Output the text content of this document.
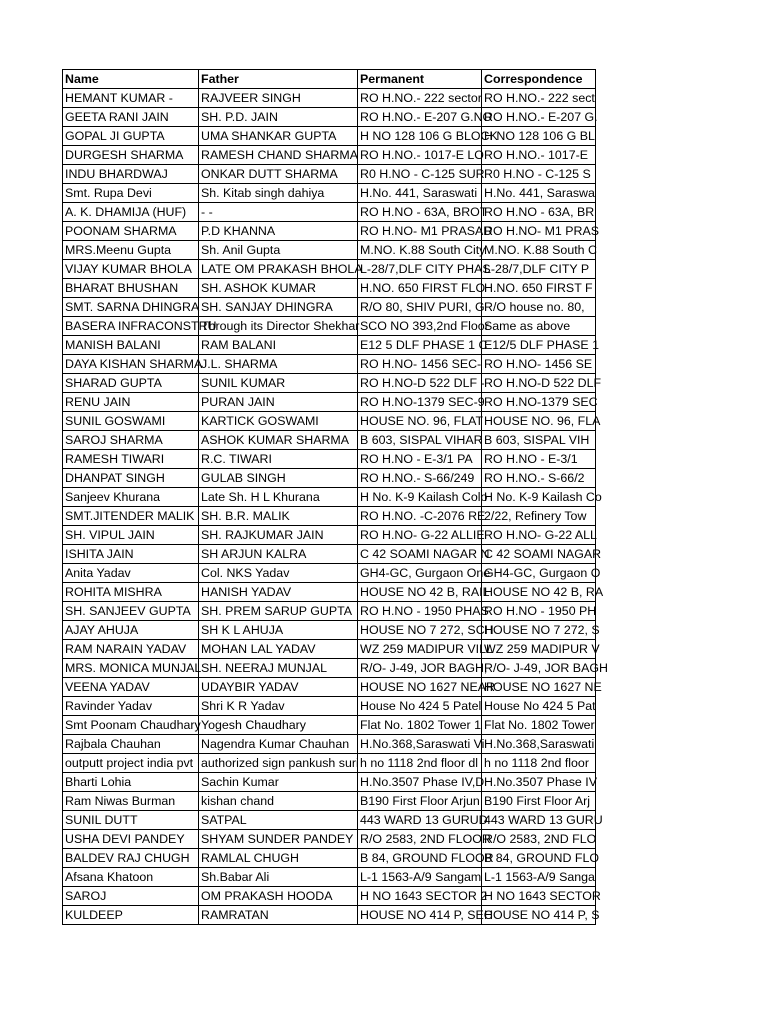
Name	Father	Permanent	Correspondence
HEMANT KUMAR -	RAJVEER SINGH	RO H.NO.- 222 sector	RO H.NO.- 222 sect
GEETA RANI JAIN	SH. P.D. JAIN	RO H.NO.- E-207 G.NO	RO H.NO.- E-207 G.
GOPAL JI GUPTA	UMA SHANKAR GUPTA	H NO 128 106 G BLOCK	H NO 128 106 G BL
DURGESH SHARMA	RAMESH CHAND SHARMA	RO H.NO.- 1017-E LO	RO H.NO.- 1017-E
INDU BHARDWAJ	ONKAR DUTT SHARMA	R0 H.NO - C-125 SUR	R0 H.NO - C-125 S
Smt. Rupa Devi	Sh. Kitab singh dahiya	H.No. 441, Saraswati	H.No. 441, Saraswa
A. K. DHAMIJA (HUF)	- -	RO H.NO - 63A, BROT	RO H.NO - 63A, BR
POONAM SHARMA	P.D KHANNA	RO H.NO- M1 PRASAD	RO H.NO- M1 PRAS
MRS.Meenu Gupta	Sh. Anil Gupta	M.NO. K.88 South City	M.NO. K.88 South C
VIJAY KUMAR BHOLA	LATE OM PRAKASH BHOLA	L-28/7,DLF CITY PHAS	L-28/7,DLF CITY P
BHARAT BHUSHAN	SH. ASHOK KUMAR	H.NO. 650 FIRST FLO	H.NO. 650 FIRST F
SMT. SARNA DHINGRA	SH. SANJAY DHINGRA	R/O 80, SHIV PURI, G	R/O house no. 80,
BASERA INFRACONSTRU	Through its Director Shekhar	SCO NO 393,2nd Floor	Same as above
MANISH BALANI	RAM BALANI	E12 5 DLF PHASE 1 C	E12/5 DLF PHASE 1
DAYA KISHAN SHARMA	J.L. SHARMA	RO H.NO- 1456 SEC-	RO H.NO- 1456 SE
SHARAD GUPTA	SUNIL KUMAR	RO H.NO-D 522 DLF -	RO H.NO-D 522 DLF
RENU JAIN	PURAN JAIN	RO H.NO-1379 SEC-9	RO H.NO-1379 SEC
SUNIL GOSWAMI	KARTICK GOSWAMI	HOUSE NO. 96, FLAT	HOUSE NO. 96, FLA
SAROJ SHARMA	ASHOK KUMAR SHARMA	B 603, SISPAL VIHAR	B 603, SISPAL VIH
RAMESH TIWARI	R.C. TIWARI	RO H.NO - E-3/1 PA	RO H.NO - E-3/1
DHANPAT SINGH	GULAB SINGH	RO H.NO.- S-66/249	RO H.NO.- S-66/2
Sanjeev Khurana	Late Sh. H L Khurana	H No. K-9 Kailash Colo	H No. K-9 Kailash Co
SMT.JITENDER MALIK	SH. B.R. MALIK	RO H.NO. -C-2076 RE	2/22, Refinery Tow
SH. VIPUL JAIN	SH. RAJKUMAR JAIN	RO H.NO- G-22 ALLIE	RO H.NO- G-22 ALL
ISHITA JAIN	SH ARJUN KALRA	C 42 SOAMI NAGAR N	C 42 SOAMI NAGAR
Anita Yadav	Col. NKS Yadav	GH4-GC, Gurgaon One	GH4-GC, Gurgaon O
ROHITA MISHRA	HANISH YADAV	HOUSE NO 42 B, RAIL	HOUSE NO 42 B, RA
SH. SANJEEV GUPTA	SH. PREM SARUP GUPTA	RO H.NO - 1950 PHAS	RO H.NO - 1950 PH
AJAY AHUJA	SH K L AHUJA	HOUSE NO 7 272, SCH	HOUSE NO 7 272, S
RAM NARAIN YADAV	MOHAN LAL YADAV	WZ 259 MADIPUR VILL	WZ 259 MADIPUR V
MRS. MONICA MUNJAL	SH. NEERAJ MUNJAL	R/O- J-49, JOR BAGH,	R/O- J-49, JOR BAGH
VEENA YADAV	UDAYBIR YADAV	HOUSE NO 1627 NEAR	HOUSE NO 1627 NE
Ravinder Yadav	Shri K R Yadav	House No 424 5 Patel	House No 424 5 Pat
Smt Poonam Chaudhary	Yogesh Chaudhary	Flat No. 1802 Tower 1	Flat No. 1802 Tower
Rajbala Chauhan	Nagendra Kumar Chauhan	H.No.368,Saraswati Vi	H.No.368,Saraswati
outputt project india pvt	authorized sign pankush suri	h no 1118 2nd floor dl	h no 1118 2nd floor
Bharti Lohia	Sachin Kumar	H.No.3507 Phase IV,D	H.No.3507 Phase IV
Ram Niwas Burman	kishan chand	B190 First Floor Arjun	B190 First Floor Arj
SUNIL DUTT	SATPAL	443 WARD 13 GURUD	443 WARD 13 GURU
USHA DEVI PANDEY	SHYAM SUNDER PANDEY	R/O 2583, 2ND FLOOR	R/O 2583, 2ND FLO
BALDEV RAJ CHUGH	RAMLAL CHUGH	B 84, GROUND FLOOR	B 84, GROUND FLO
Afsana Khatoon	Sh.Babar Ali	L-1 1563-A/9 Sangam	L-1 1563-A/9 Sanga
SAROJ	OM PRAKASH HOODA	H NO 1643 SECTOR 2	H NO 1643 SECTOR
KULDEEP	RAMRATAN	HOUSE NO 414 P, SEC	HOUSE NO 414 P, S
